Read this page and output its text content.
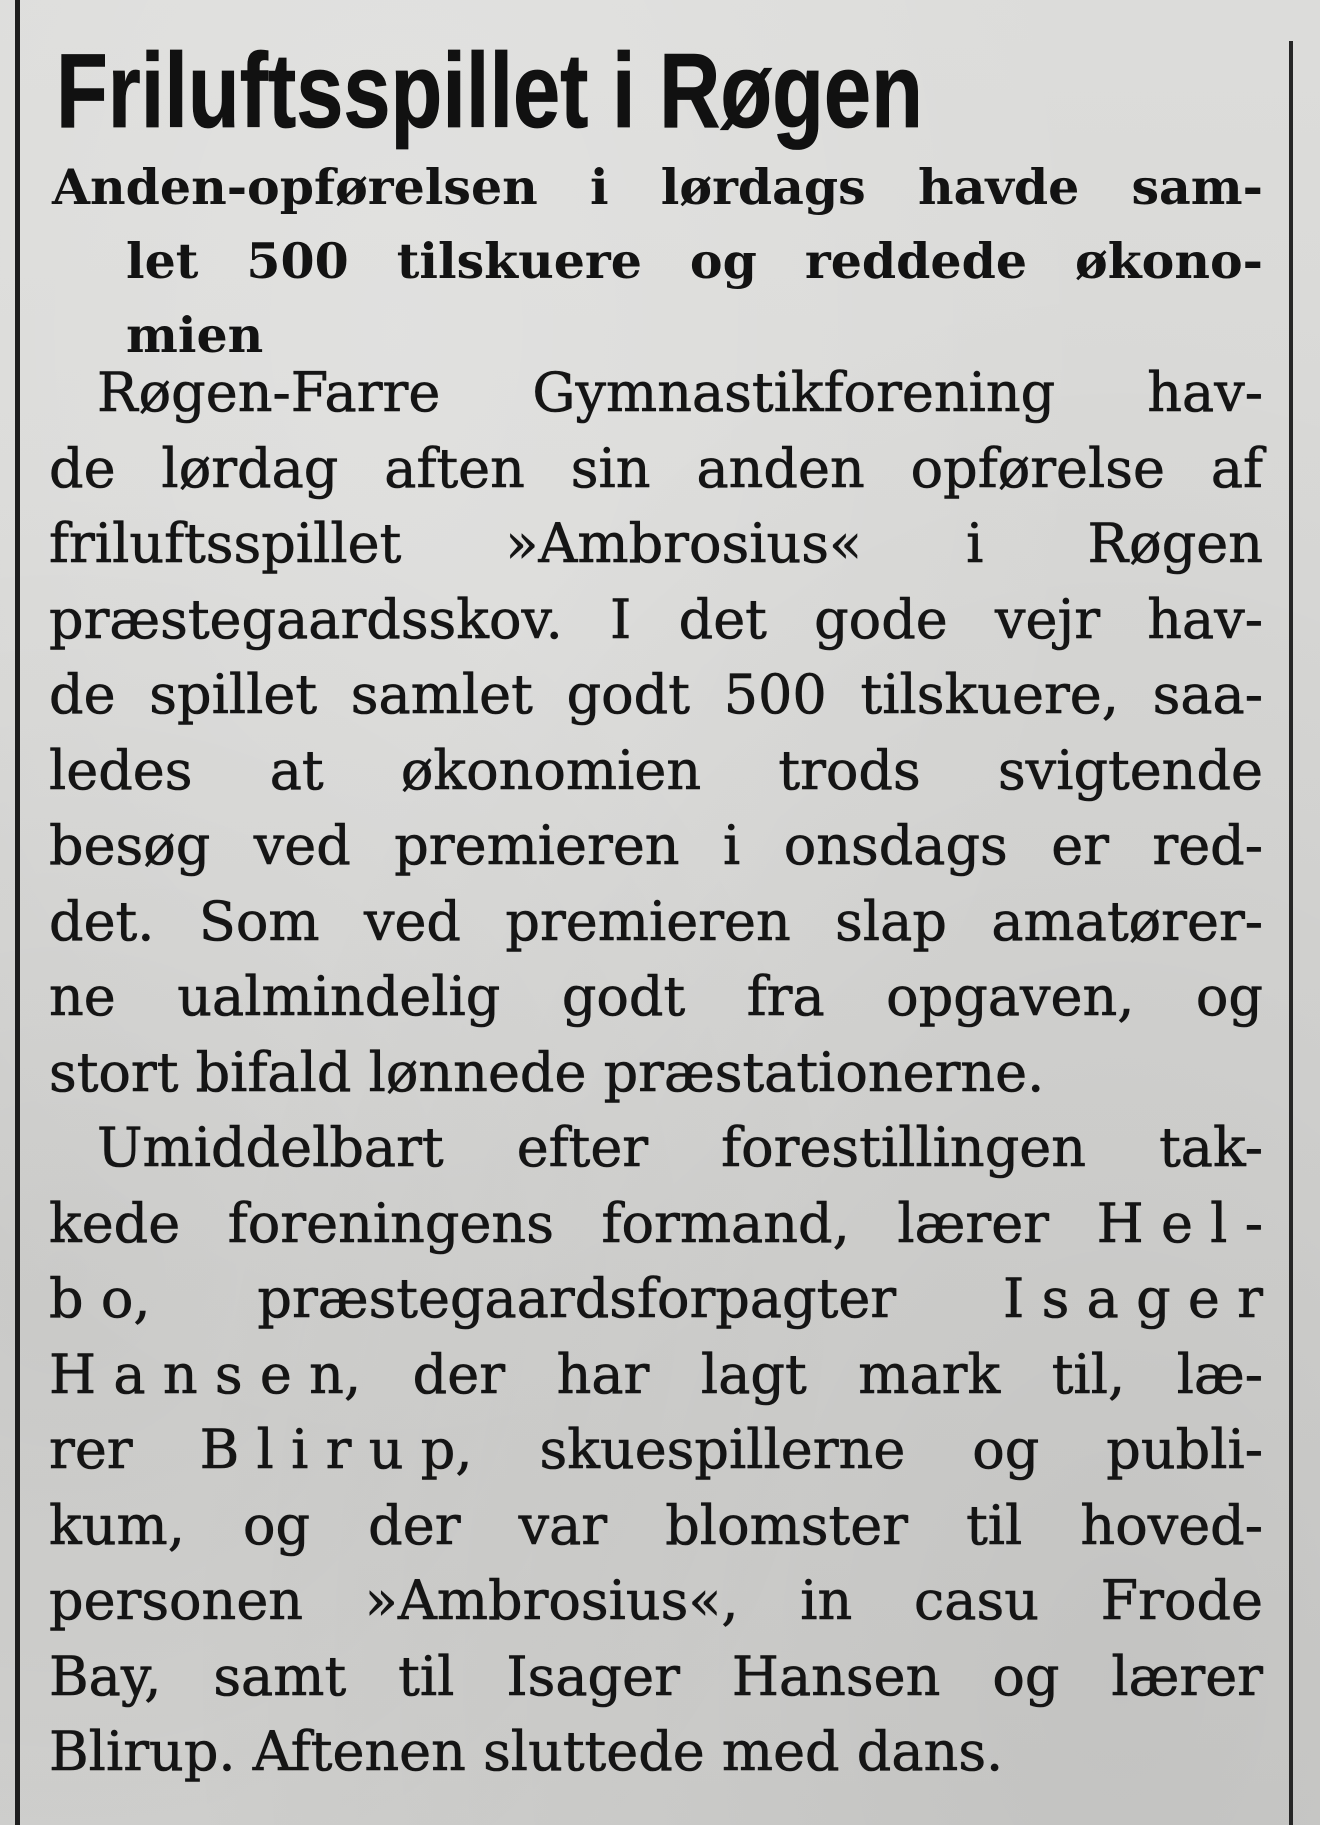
Friluftsspillet i Røgen
Anden-opførelsen i lørdags havde sam-
let 500 tilskuere og reddede økono-
mien
Røgen-Farre Gymnastikforening hav-
de lørdag aften sin anden opførelse af
friluftsspillet »Ambrosius« i Røgen
præstegaardsskov. I det gode vejr hav-
de spillet samlet godt 500 tilskuere, saa-
ledes at økonomien trods svigtende
besøg ved premieren i onsdags er red-
det. Som ved premieren slap amatører-
ne ualmindelig godt fra opgaven, og
stort bifald lønnede præstationerne.
Umiddelbart efter forestillingen tak-
kede foreningens formand, lærer Hel-
bo, præstegaardsforpagter Isager
Hansen, der har lagt mark til, læ-
rer Blirup, skuespillerne og publi-
kum, og der var blomster til hoved-
personen »Ambrosius«, in casu Frode
Bay, samt til Isager Hansen og lærer
Blirup. Aftenen sluttede med dans.
